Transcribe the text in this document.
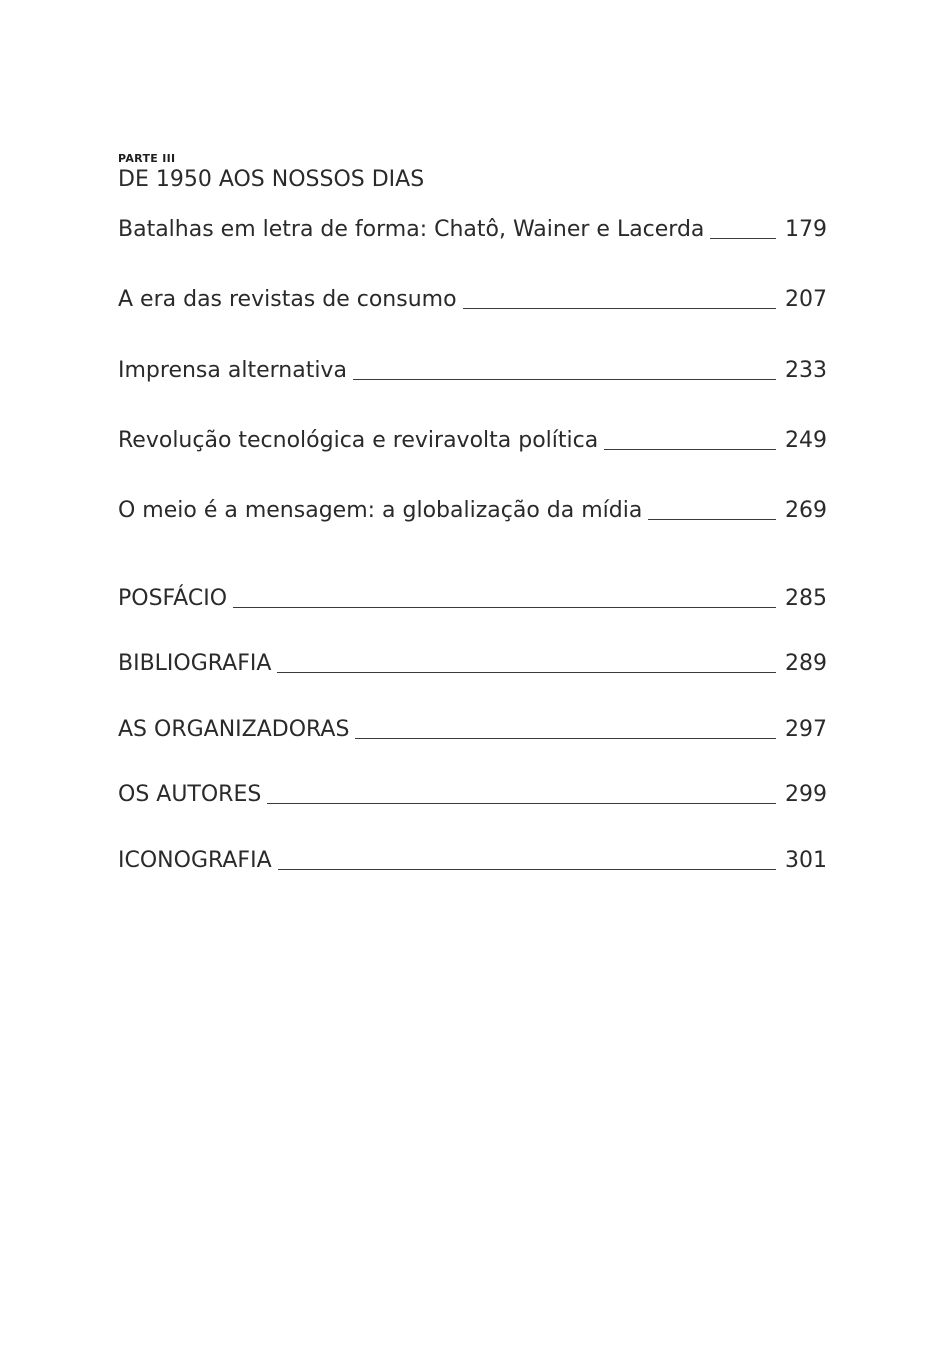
PARTE III
DE 1950 AOS NOSSOS DIAS
Batalhas em letra de forma: Chatô, Wainer e Lacerda	179
A era das revistas de consumo	207
Imprensa alternativa	233
Revolução tecnológica e reviravolta política	249
O meio é a mensagem: a globalização da mídia	269
POSFÁCIO	285
BIBLIOGRAFIA	289
AS ORGANIZADORAS	297
OS AUTORES	299
ICONOGRAFIA	301
